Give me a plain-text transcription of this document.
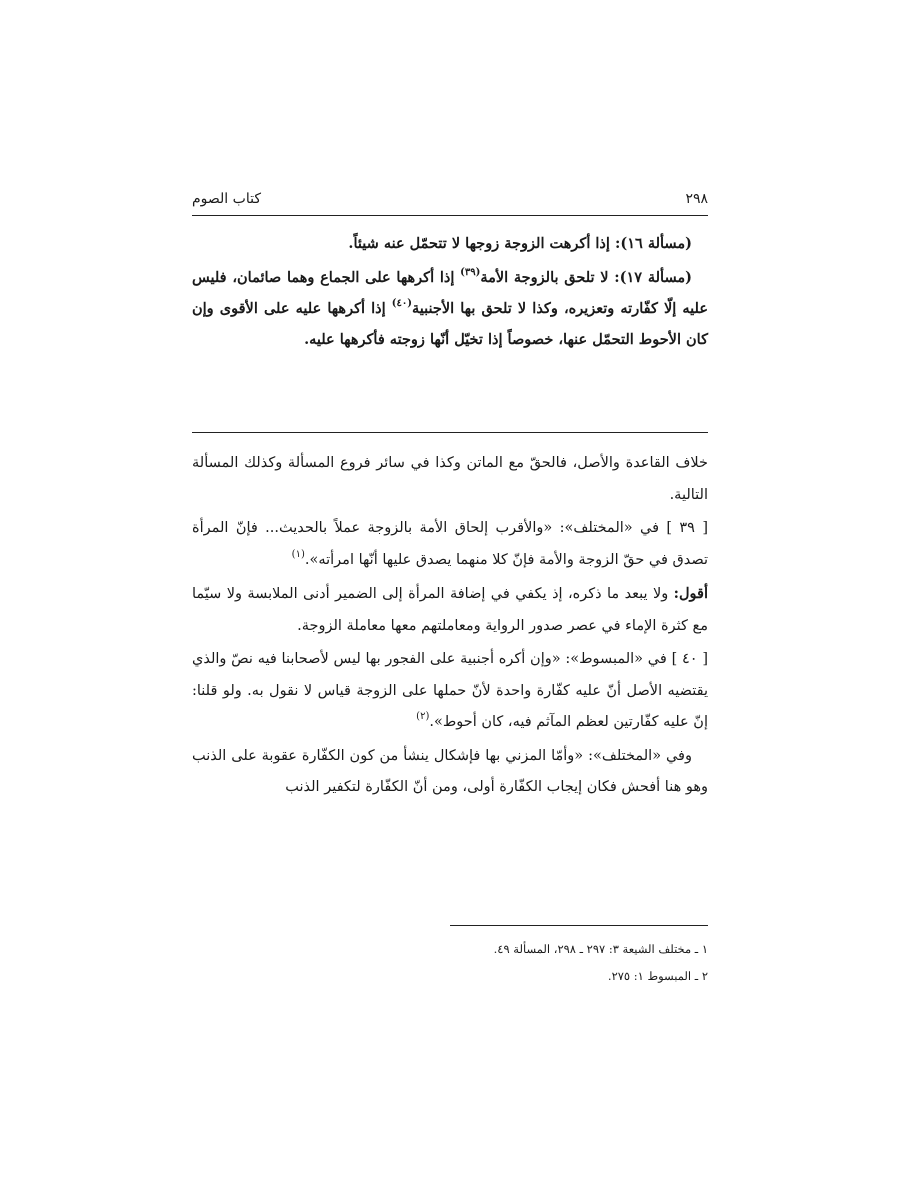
٢٩٨
كتاب الصوم

(مسألة ١٦): إذا أكرهت الزوجة زوجها لا تتحمّل عنه شيئاً.

(مسألة ١٧): لا تلحق بالزوجة الأمة$^{(٣٩)}$ إذا أكرهها على الجماع وهما صائمان، فليس عليه إلّا كفّارته وتعزيره، وكذا لا تلحق بها الأجنبية$^{(٤٠)}$ إذا أكرهها عليه على الأقوى وإن كان الأحوط التحمّل عنها، خصوصاً إذا تخيّل أنّها زوجته فأكرهها عليه.

خلاف القاعدة والأصل، فالحقّ مع الماتن وكذا في سائر فروع المسألة وكذلك المسألة التالية.

[ ٣٩ ] في «المختلف»: «والأقرب إلحاق الأمة بالزوجة عملاً بالحديث... فإنّ المرأة تصدق في حقّ الزوجة والأمة فإنّ كلا منهما يصدق عليها أنّها امرأته».$^{(١)}$

أقول: ولا يبعد ما ذكره، إذ يكفي في إضافة المرأة إلى الضمير أدنى الملابسة ولا سيّما مع كثرة الإماء في عصر صدور الرواية ومعاملتهم معها معاملة الزوجة.

[ ٤٠ ] في «المبسوط»: «وإن أكره أجنبية على الفجور بها ليس لأصحابنا فيه نصّ والذي يقتضيه الأصل أنّ عليه كفّارة واحدة لأنّ حملها على الزوجة قياس لا نقول به. ولو قلنا: إنّ عليه كفّارتين لعظم المآثم فيه، كان أحوط».$^{(٢)}$

وفي «المختلف»: «وأمّا المزني بها فإشكال ينشأ من كون الكفّارة عقوبة على الذنب وهو هنا أفحش فكان إيجاب الكفّارة أولى، ومن أنّ الكفّارة لتكفير الذنب

١ ـ مختلف الشيعة ٣: ٢٩٧ ـ ٢٩٨، المسألة ٤٩.

٢ ـ المبسوط ١: ٢٧٥.
